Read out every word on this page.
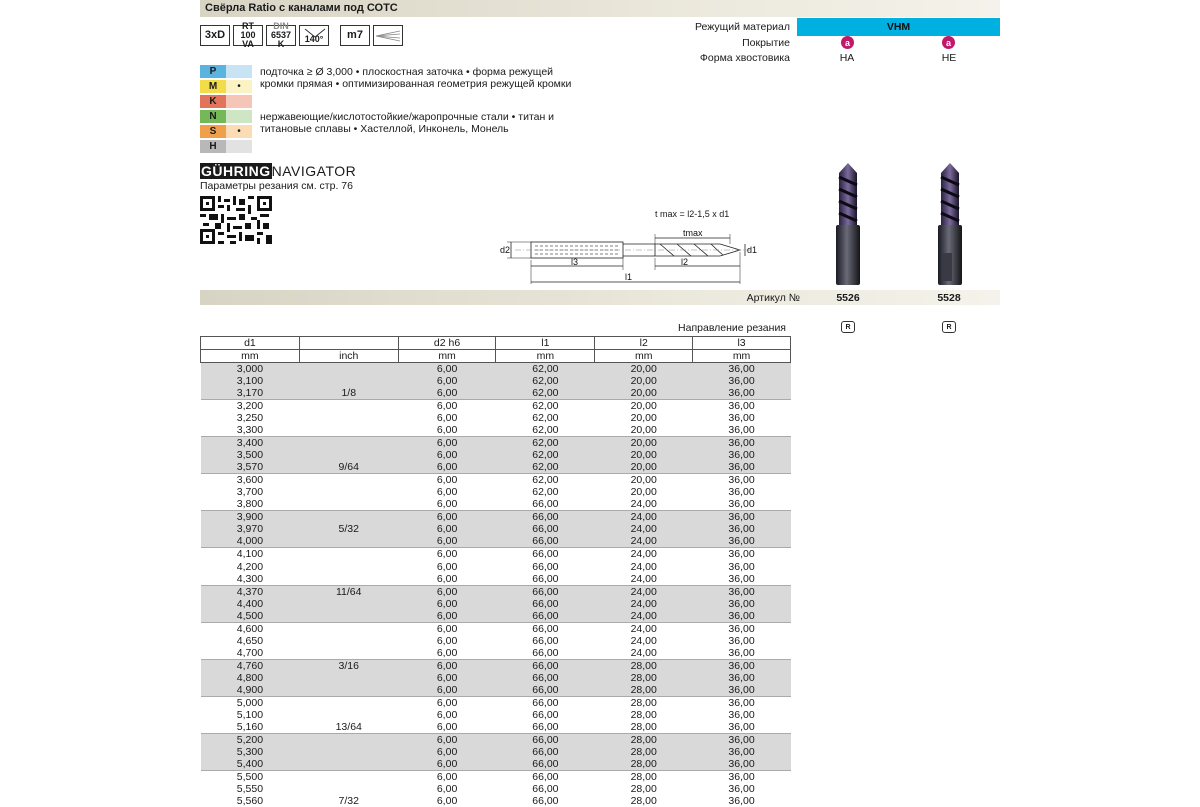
Свёрла Ratio с каналами под СОТС
3xD
RT 100
VA
DIN
6537 K	140°	m7
Режущий материал	VHM
Покрытие	a	a
Форма хвостовика	HA	HE
P
M	•
K
N
S	•
H
подточка ≥ Ø 3,000 • плоскостная заточка • форма режущей
кромки прямая • оптимизированная геометрия режущей кромки
нержавеющие/кислотостойкие/жаропрочные стали • титан и
титановые сплавы • Хастеллой, Инконель, Монель
GÜHRINGNAVIGATOR
Параметры резания см. стр. 76
t max = l2-1,5 x d1
d2	d1
l3	l2
l1
tmax
Артикул №	5526	5528
Направление резания	R	R
d1		d2 h6	l1	l2	l3
mm	inch	mm	mm	mm	mm
3,000		6,00	62,00	20,00	36,00
3,100		6,00	62,00	20,00	36,00
3,170	1/8	6,00	62,00	20,00	36,00
3,200		6,00	62,00	20,00	36,00
3,250		6,00	62,00	20,00	36,00
3,300		6,00	62,00	20,00	36,00
3,400		6,00	62,00	20,00	36,00
3,500		6,00	62,00	20,00	36,00
3,570	9/64	6,00	62,00	20,00	36,00
3,600		6,00	62,00	20,00	36,00
3,700		6,00	62,00	20,00	36,00
3,800		6,00	66,00	24,00	36,00
3,900		6,00	66,00	24,00	36,00
3,970	5/32	6,00	66,00	24,00	36,00
4,000		6,00	66,00	24,00	36,00
4,100		6,00	66,00	24,00	36,00
4,200		6,00	66,00	24,00	36,00
4,300		6,00	66,00	24,00	36,00
4,370	11/64	6,00	66,00	24,00	36,00
4,400		6,00	66,00	24,00	36,00
4,500		6,00	66,00	24,00	36,00
4,600		6,00	66,00	24,00	36,00
4,650		6,00	66,00	24,00	36,00
4,700		6,00	66,00	24,00	36,00
4,760	3/16	6,00	66,00	28,00	36,00
4,800		6,00	66,00	28,00	36,00
4,900		6,00	66,00	28,00	36,00
5,000		6,00	66,00	28,00	36,00
5,100		6,00	66,00	28,00	36,00
5,160	13/64	6,00	66,00	28,00	36,00
5,200		6,00	66,00	28,00	36,00
5,300		6,00	66,00	28,00	36,00
5,400		6,00	66,00	28,00	36,00
5,500		6,00	66,00	28,00	36,00
5,550		6,00	66,00	28,00	36,00
5,560	7/32	6,00	66,00	28,00	36,00
